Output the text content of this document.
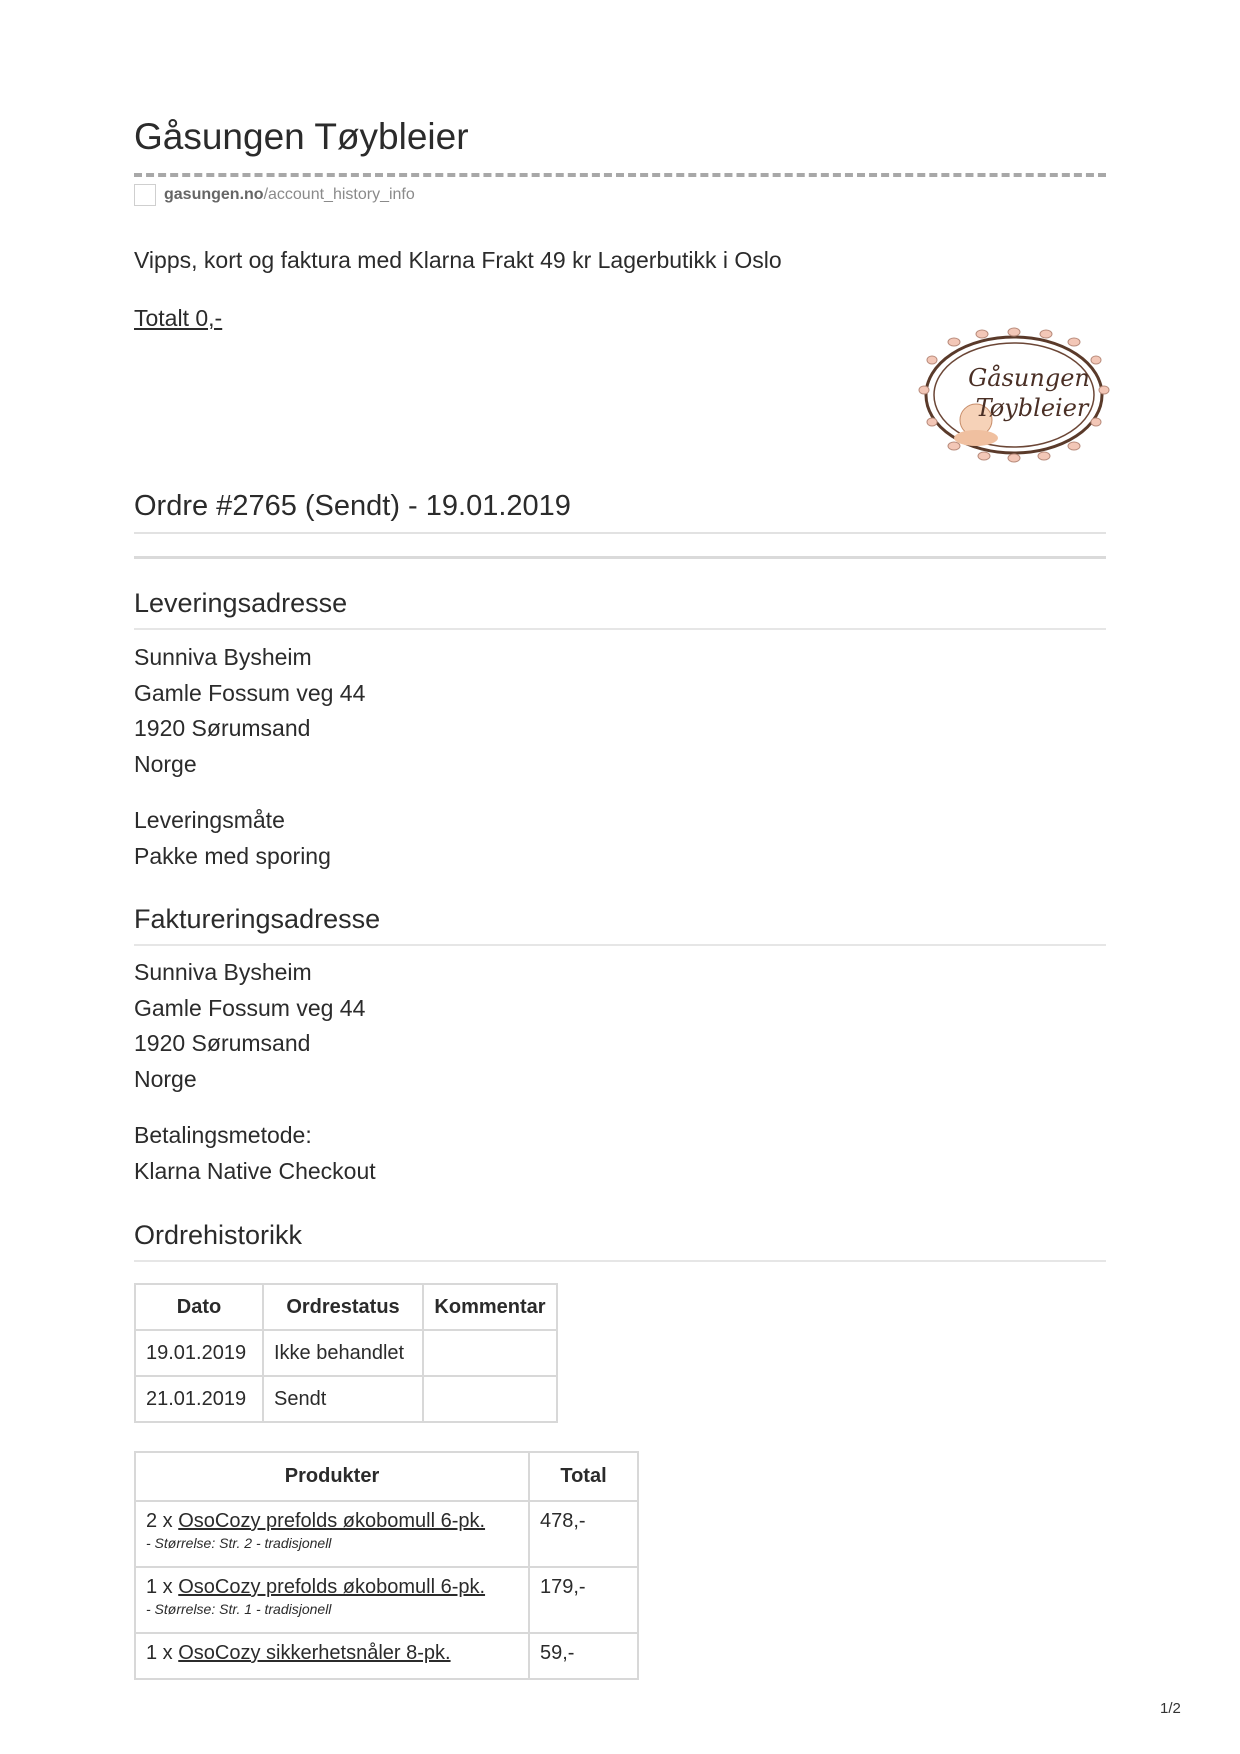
Gåsungen Tøybleier
gasungen.no /account_history_info
Vipps, kort og faktura med Klarna Frakt 49 kr Lagerbutikk i Oslo
Totalt 0,-
Gåsungen
Tøybleier
Ordre #2765 (Sendt) - 19.01.2019
Leveringsadresse
Sunniva Bysheim
Gamle Fossum veg 44
1920 Sørumsand
Norge
Leveringsmåte
Pakke med sporing
Faktureringsadresse
Sunniva Bysheim
Gamle Fossum veg 44
1920 Sørumsand
Norge
Betalingsmetode:
Klarna Native Checkout
Ordrehistorikk
Dato	Ordrestatus	Kommentar
19.01.2019	Ikke behandlet	
21.01.2019	Sendt	
Produkter	Total

2 x OsoCozy prefolds økobomull 6-pk.
- Størrelse: Str. 2 - tradisjonell	478,-

1 x OsoCozy prefolds økobomull 6-pk.
- Størrelse: Str. 1 - tradisjonell	179,-

1 x OsoCozy sikkerhetsnåler 8-pk.	59,-
1/2
